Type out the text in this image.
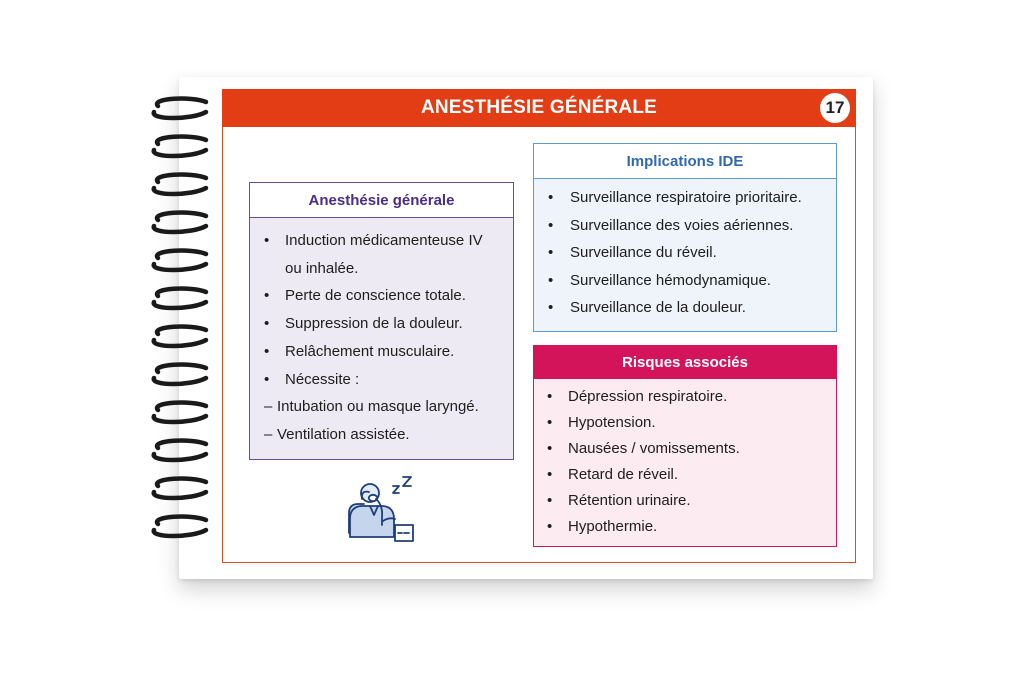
ANESTHÉSIE GÉNÉRALE	17
Anesthésie générale
• Induction médicamenteuse IV
ou inhalée.
• Perte de conscience totale.
• Suppression de la douleur.
• Relâchement musculaire.
• Nécessite :
– Intubation ou masque laryngé.
– Ventilation assistée.
Implications IDE
• Surveillance respiratoire prioritaire.
• Surveillance des voies aériennes.
• Surveillance du réveil.
• Surveillance hémodynamique.
• Surveillance de la douleur.
Risques associés
• Dépression respiratoire.
• Hypotension.
• Nausées / vomissements.
• Retard de réveil.
• Rétention urinaire.
• Hypothermie.
